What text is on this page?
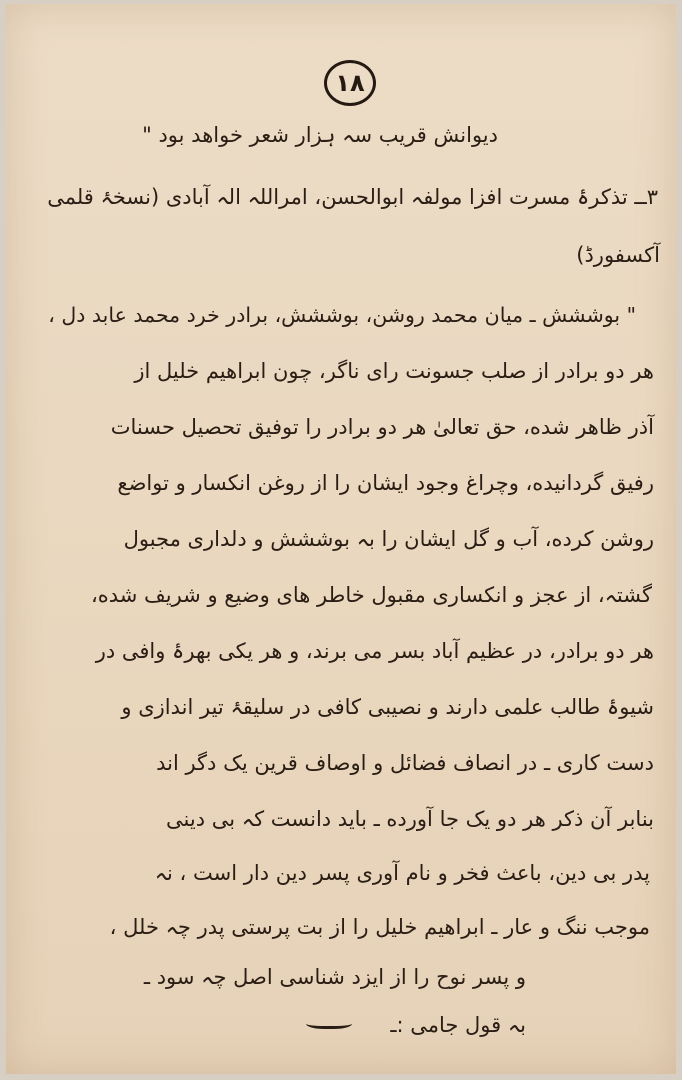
۱۸
دیوانش قریب سہ ہزار شعر خواهد بود "
۳ــ تذکرۂ مسرت افزا مولفہ ابوالحسن، امراللہ الہ آبادی (نسخۂ قلمی
آکسفورڈ)
" بوششش ـ میان محمد روشن، بوششش، برادر خرد محمد عابد دل ،
هر دو برادر از صلب جسونت رای ناگر، چون ابراهیم خلیل از
آذر ظاهر شده، حق تعالیٰ هر دو برادر را توفیق تحصیل حسنات
رفیق گردانیده، وچراغ وجود ایشان را از روغن انکسار و تواضع
روشن کرده، آب و گل ایشان را بہ بوششش و دلداری مجبول
گشتہ، از عجز و انکساری مقبول خاطر های وضیع و شریف شده،
هر دو برادر، در عظیم آباد بسر می برند، و هر یکی بهرۂ وافی در
شیوۂ طالب علمی دارند و نصیبی کافی در سلیقۂ تیر اندازی و
دست کاری ـ در انصاف فضائل و اوصاف قرین یک دگر اند
بنابر آن ذکر هر دو یک جا آورده ـ باید دانست کہ بی دینی
پدر بی دین، باعث فخر و نام آوری پسر دین دار است ، نہ
موجب ننگ و عار ـ ابراهیم خلیل را از بت پرستی پدر چہ خلل ،
و پسر نوح را از ایزد شناسی اصل چہ سود ـ
بہ قول جامی :ـ
